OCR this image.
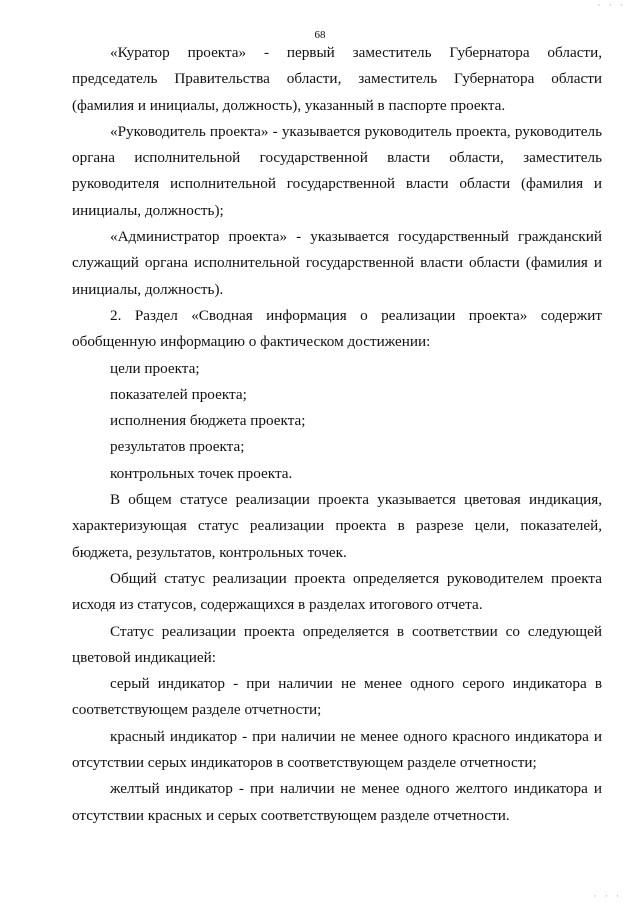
68

«Куратор проекта» - первый заместитель Губернатора области, председатель Правительства области, заместитель Губернатора области (фамилия и инициалы, должность), указанный в паспорте проекта.

«Руководитель проекта» - указывается руководитель проекта, руководитель органа исполнительной государственной власти области, заместитель руководителя исполнительной государственной власти области (фамилия и инициалы, должность);

«Администратор проекта» - указывается государственный гражданский служащий органа исполнительной государственной власти области (фамилия и инициалы, должность).

2. Раздел «Сводная информация о реализации проекта» содержит обобщенную информацию о фактическом достижении:

цели проекта;

показателей проекта;

исполнения бюджета проекта;

результатов проекта;

контрольных точек проекта.

В общем статусе реализации проекта указывается цветовая индикация, характеризующая статус реализации проекта в разрезе цели, показателей, бюджета, результатов, контрольных точек.

Общий статус реализации проекта определяется руководителем проекта исходя из статусов, содержащихся в разделах итогового отчета.

Статус реализации проекта определяется в соответствии со следующей цветовой индикацией:

серый индикатор - при наличии не менее одного серого индикатора в соответствующем разделе отчетности;

красный индикатор - при наличии не менее одного красного индикатора и отсутствии серых индикаторов в соответствующем разделе отчетности;

желтый индикатор - при наличии не менее одного желтого индикатора и отсутствии красных и серых соответствующем разделе отчетности.

· · ·
· · ·
